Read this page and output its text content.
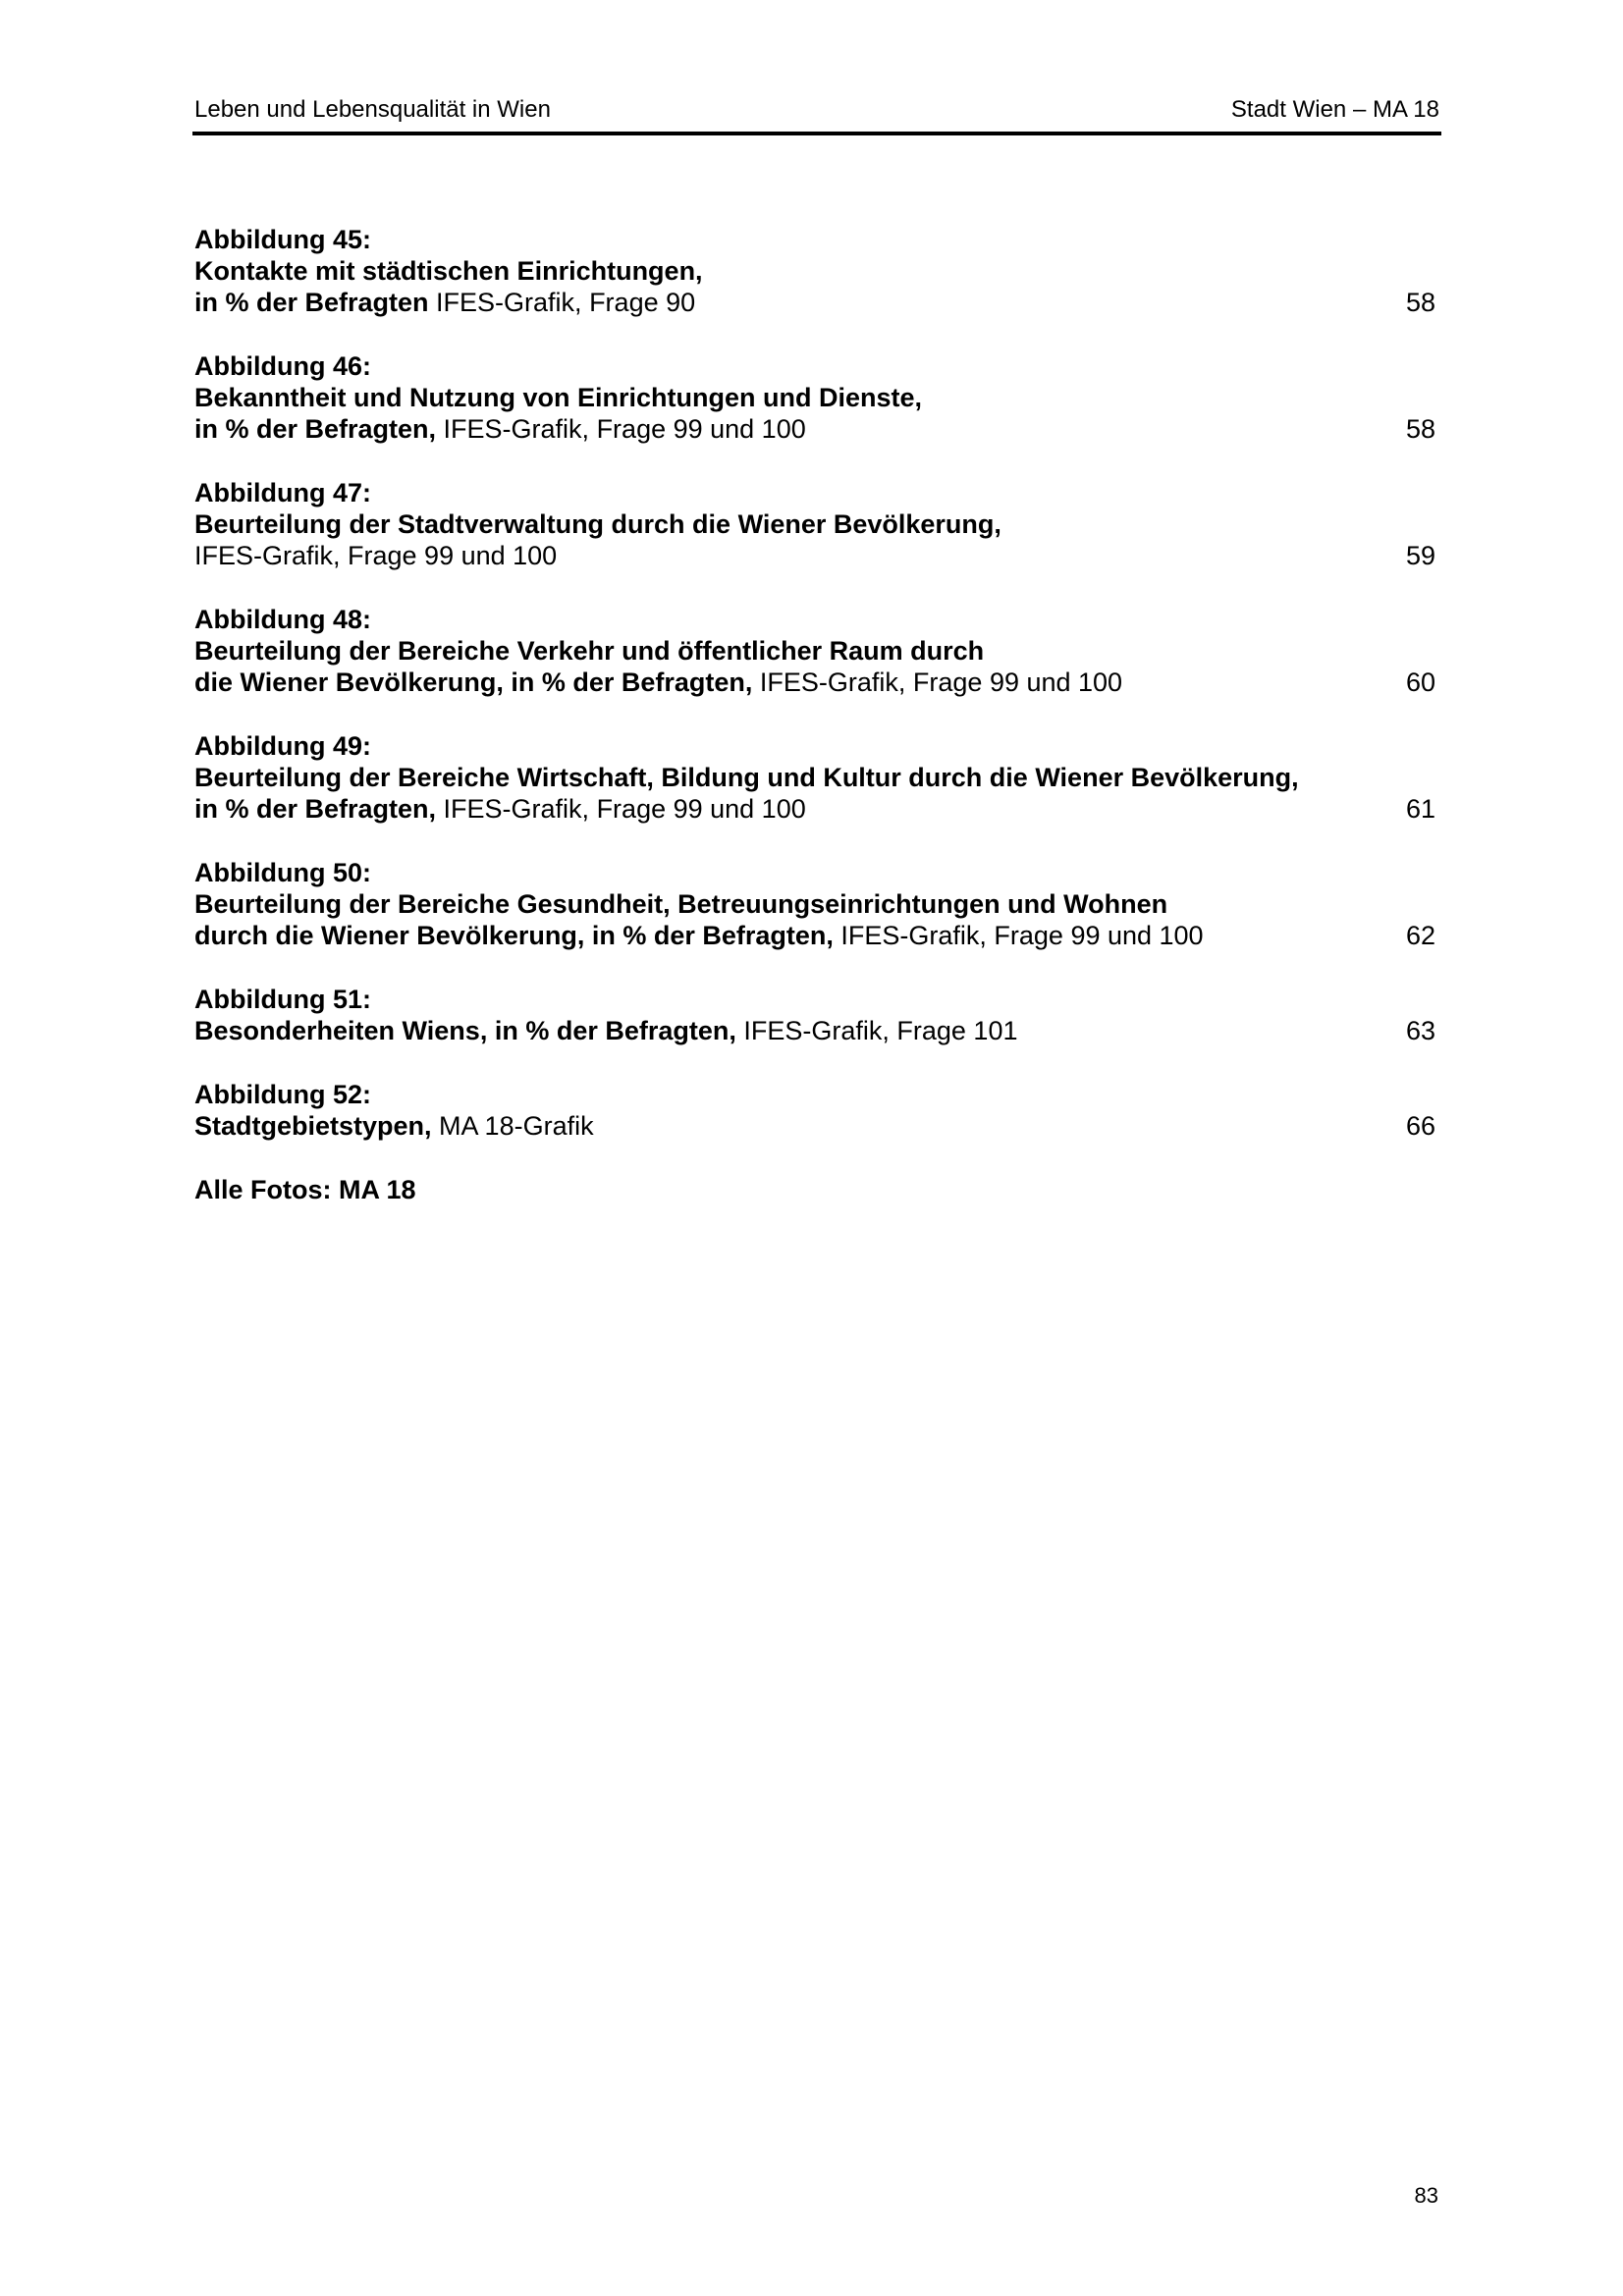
Leben und Lebensqualität in Wien	Stadt Wien – MA 18
Abbildung 45:
Kontakte mit städtischen Einrichtungen,
in % der Befragten IFES-Grafik, Frage 90	58
Abbildung 46:
Bekanntheit und Nutzung von Einrichtungen und Dienste,
in % der Befragten, IFES-Grafik, Frage 99 und 100	58
Abbildung 47:
Beurteilung der Stadtverwaltung durch die Wiener Bevölkerung,
IFES-Grafik, Frage 99 und 100	59
Abbildung 48:
Beurteilung der Bereiche Verkehr und öffentlicher Raum durch
die Wiener Bevölkerung, in % der Befragten, IFES-Grafik, Frage 99 und 100	60
Abbildung 49:
Beurteilung der Bereiche Wirtschaft, Bildung und Kultur durch die Wiener Bevölkerung,
in % der Befragten, IFES-Grafik, Frage 99 und 100	61
Abbildung 50:
Beurteilung der Bereiche Gesundheit, Betreuungseinrichtungen und Wohnen
durch die Wiener Bevölkerung, in % der Befragten, IFES-Grafik, Frage 99 und 100	62
Abbildung 51:
Besonderheiten Wiens, in % der Befragten, IFES-Grafik, Frage 101	63
Abbildung 52:
Stadtgebietstypen, MA 18-Grafik	66
Alle Fotos: MA 18
83
